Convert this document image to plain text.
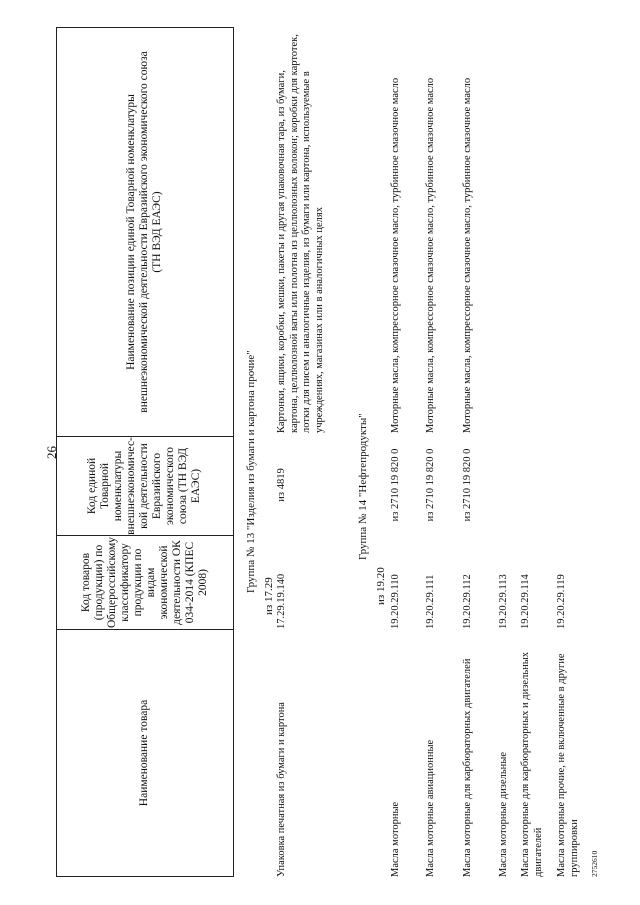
26
Наименование товара
Код товаров (продукции) по Общероссийскому классификатору продукции по видам экономической деятельности ОК 034-2014 (КПЕС 2008)
Код единой Товарной номенклатуры внешнеэкономичес-кой деятельности Евразийского экономического союза (ТН ВЭД ЕАЭС)
Наименование позиции единой Товарной номенклатуры внешнеэкономической деятельности Евразийского экономического союза (ТН ВЭД ЕАЭС)
Группа № 13 "Изделия из бумаги и картона прочие"
из 17.29
Упаковка печатная из бумаги и картона
17.29.19.140
из 4819
Картонки, ящики, коробки, мешки, пакеты и другая упаковочная тара, из бумаги, картона, целлюлозной ваты или полотна из целлюлозных волокон; коробки для картотек, лотки для писем и аналогичные изделия, из бумаги или картона, используемые в учреждениях, магазинах или в аналогичных целях
Группа № 14 "Нефтепродукты"
из 19.20
Масла моторные
19.20.29.110
из 2710 19 820 0
Моторные масла, компрессорное смазочное масло, турбинное смазочное масло
Масла моторные авиационные
19.20.29.111
из 2710 19 820 0
Моторные масла, компрессорное смазочное масло, турбинное смазочное масло
Масла моторные для карбюраторных двигателей
19.20.29.112
из 2710 19 820 0
Моторные масла, компрессорное смазочное масло, турбинное смазочное масло
Масла моторные дизельные
19.20.29.113
Масла моторные для карбюраторных и дизельных двигателей
19.20.29.114
Масла моторные прочие, не включенные в другие группировки
19.20.29.119
2752610
